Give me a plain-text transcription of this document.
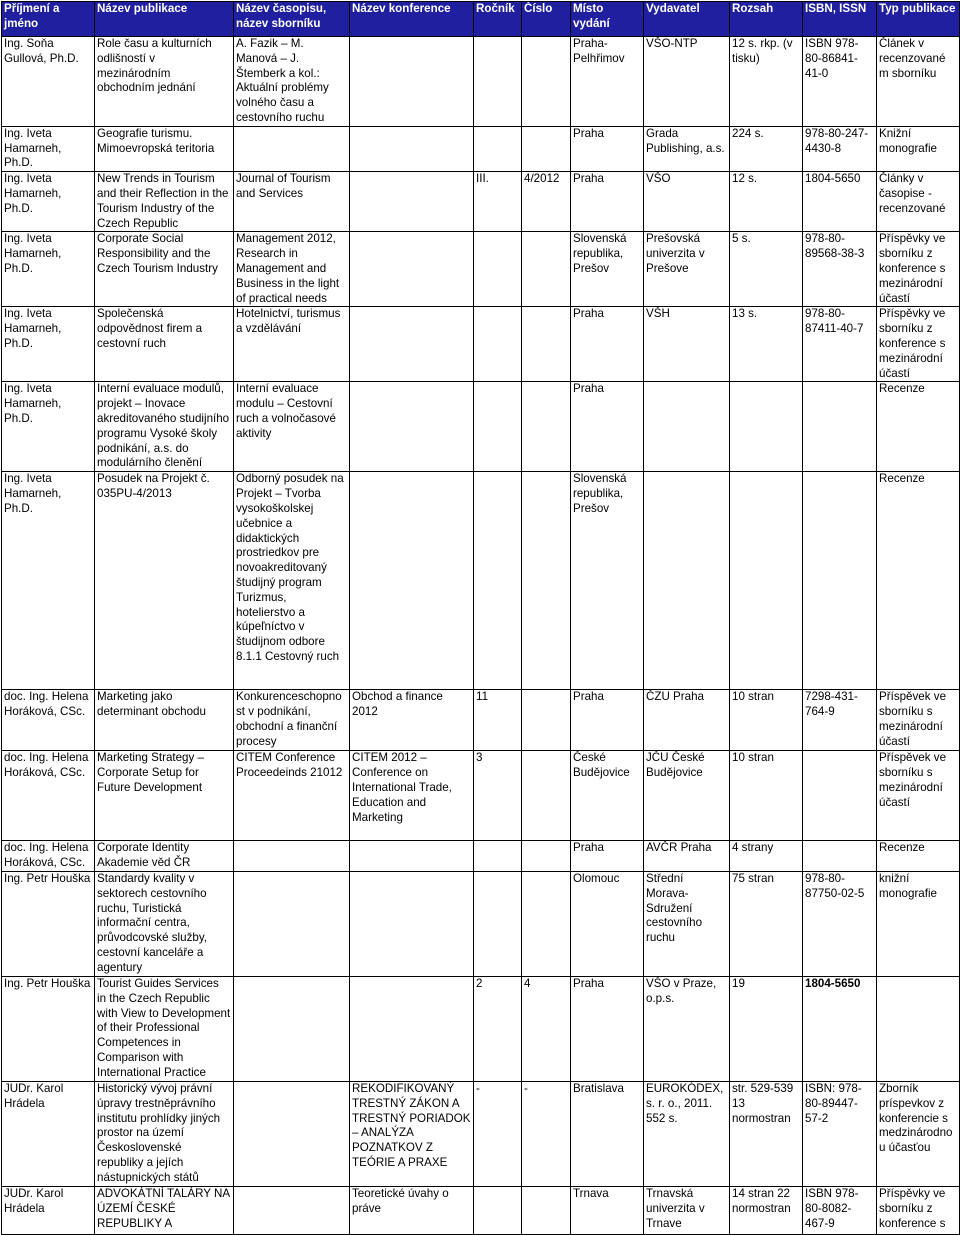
Příjmení a jméno	Název publikace	Název časopisu, název sborníku	Název konference	Ročník	Číslo	Místo vydání	Vydavatel	Rozsah	ISBN, ISSN	Typ publikace
Ing. Soňa Gullová, Ph.D.	Role času a kulturních odlišností v mezinárodním obchodním jednání	A. Fazik – M. Manová – J. Štemberk a kol.: Aktuální problémy volného času a cestovního ruchu				Praha-Pelhřimov	VŠO-NTP	12 s. rkp. (v tisku)	ISBN 978-80-86841-41-0	Článek v recenzované m sborníku
Ing. Iveta Hamarneh, Ph.D.	Geografie turismu. Mimoevropská teritoria					Praha	Grada Publishing, a.s.	224 s.	978-80-247-4430-8	Knižní monografie
Ing. Iveta Hamarneh, Ph.D.	New Trends in Tourism and their Reflection in the Tourism Industry of the Czech Republic	Journal of Tourism and Services		III.	4/2012	Praha	VŠO	12 s.	1804-5650	Články v časopise - recenzované
Ing. Iveta Hamarneh, Ph.D.	Corporate Social Responsibility and the Czech Tourism Industry	Management 2012, Research in Management and Business in the light of practical needs				Slovenská republika, Prešov	Prešovská univerzita v Prešove	5 s.	978-80-89568-38-3	Příspěvky ve sborníku z konference s mezinárodní účastí
Ing. Iveta Hamarneh, Ph.D.	Společenská odpovědnost firem a cestovní ruch	Hotelnictví, turismus a vzdělávání				Praha	VŠH	13 s.	978-80-87411-40-7	Příspěvky ve sborníku z konference s mezinárodní účastí
Ing. Iveta Hamarneh, Ph.D.	Interní evaluace modulů, projekt – Inovace akreditovaného studijního programu Vysoké školy podnikání, a.s. do modulárního členění	Interní evaluace modulu – Cestovní ruch a volnočasové aktivity				Praha				Recenze
Ing. Iveta Hamarneh, Ph.D.	Posudek na Projekt č. 035PU-4/2013	Odborný posudek na Projekt – Tvorba vysokoškolskej učebnice a didaktických prostriedkov pre novoakreditovaný študijný program Turizmus, hotelierstvo a kúpeľníctvo v študijnom odbore 8.1.1 Cestovný ruch				Slovenská republika, Prešov				Recenze
doc. Ing. Helena Horáková, CSc.	Marketing jako determinant obchodu	Konkurenceschopnost v podnikání, obchodní a finanční procesy	Obchod a finance 2012	11		Praha	ČZU Praha	10 stran	7298-431-764-9	Příspěvek ve sborníku s mezinárodní účastí
doc. Ing. Helena Horáková, CSc.	Marketing Strategy – Corporate Setup for Future Development	CITEM Conference Proceedeinds 21012	CITEM 2012 – Conference on International Trade, Education and Marketing	3		České Budějovice	JČU České Budějovice	10 stran		Příspěvek ve sborníku s mezinárodní účastí
doc. Ing. Helena Horáková, CSc.	Corporate Identity Akademie věd ČR					Praha	AVČR Praha	4 strany		Recenze
Ing. Petr Houška	Standardy kvality v sektorech cestovního ruchu, Turistická informační centra, průvodcovské služby, cestovní kanceláře a agentury					Olomouc	Střední Morava-Sdružení cestovního ruchu	75 stran	978-80-87750-02-5	knižní monografie
Ing. Petr Houška	Tourist Guides Services in the Czech Republic with View to Development of their Professional Competences in Comparison with International Practice			2	4	Praha	VŠO v Praze, o.p.s.	19	1804-5650	
JUDr. Karol Hrádela	Historický vývoj právní úpravy trestněprávního institutu prohlídky jiných prostor na území Československé republiky a jejích nástupnických států		REKODIFIKOVANÝ TRESTNÝ ZÁKON A TRESTNÝ PORIADOK – ANALÝZA POZNATKOV Z TEÓRIE A PRAXE	-	-	Bratislava	EUROKÓDEX, s. r. o., 2011. 552 s.	str. 529-539 13 normostran	ISBN: 978-80-89447-57-2	Zborník príspevkov z konferencie s medzinárodno u účasťou
JUDr. Karol Hrádela	ADVOKÁTNÍ TALÁRY NA ÚZEMÍ ČESKÉ REPUBLIKY A		Teoretické úvahy o práve			Trnava	Trnavská univerzita v Trnave	14 stran 22 normostran	ISBN 978-80-8082-467-9	Příspěvky ve sborníku z konference s
